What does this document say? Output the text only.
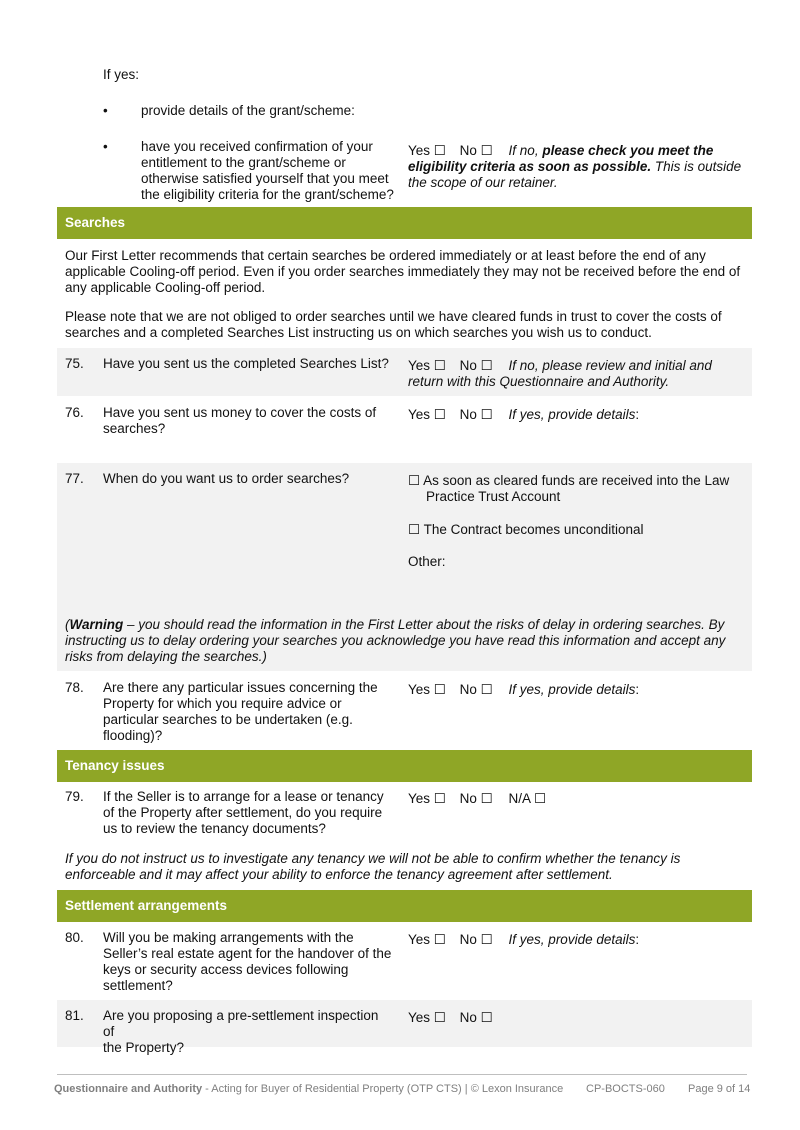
If yes:
• provide details of the grant/scheme:
• have you received confirmation of your
entitlement to the grant/scheme or
otherwise satisfied yourself that you meet
the eligibility criteria for the grant/scheme?
Yes ☐ No ☐ If no, please check you meet the
eligibility criteria as soon as possible. This is outside
the scope of our retainer.
Searches
Our First Letter recommends that certain searches be ordered immediately or at least before the end of any
applicable Cooling-off period. Even if you order searches immediately they may not be received before the end of
any applicable Cooling-off period.
Please note that we are not obliged to order searches until we have cleared funds in trust to cover the costs of
searches and a completed Searches List instructing us on which searches you wish us to conduct.
75. Have you sent us the completed Searches List?	Yes ☐ No ☐ If no, please review and initial and
return with this Questionnaire and Authority.
76. Have you sent us money to cover the costs of
searches?
Yes ☐ No ☐ If yes, provide details:
77. When do you want us to order searches?	☐ As soon as cleared funds are received into the Law
Practice Trust Account
☐ The Contract becomes unconditional
Other:
(Warning – you should read the information in the First Letter about the risks of delay in ordering searches. By
instructing us to delay ordering your searches you acknowledge you have read this information and accept any
risks from delaying the searches.)
78. Are there any particular issues concerning the
Property for which you require advice or
particular searches to be undertaken (e.g.
flooding)?
Yes ☐ No ☐ If yes, provide details:
Tenancy issues
79. If the Seller is to arrange for a lease or tenancy
of the Property after settlement, do you require
us to review the tenancy documents?
Yes ☐ No ☐ N/A ☐
If you do not instruct us to investigate any tenancy we will not be able to confirm whether the tenancy is
enforceable and it may affect your ability to enforce the tenancy agreement after settlement.
Settlement arrangements
80. Will you be making arrangements with the
Seller’s real estate agent for the handover of the
keys or security access devices following
settlement?
Yes ☐ No ☐ If yes, provide details:
81. Are you proposing a pre-settlement inspection of
the Property?
Yes ☐ No ☐
Questionnaire and Authority - Acting for Buyer of Residential Property (OTP CTS) | © Lexon Insurance CP-BOCTS-060 Page 9 of 14
